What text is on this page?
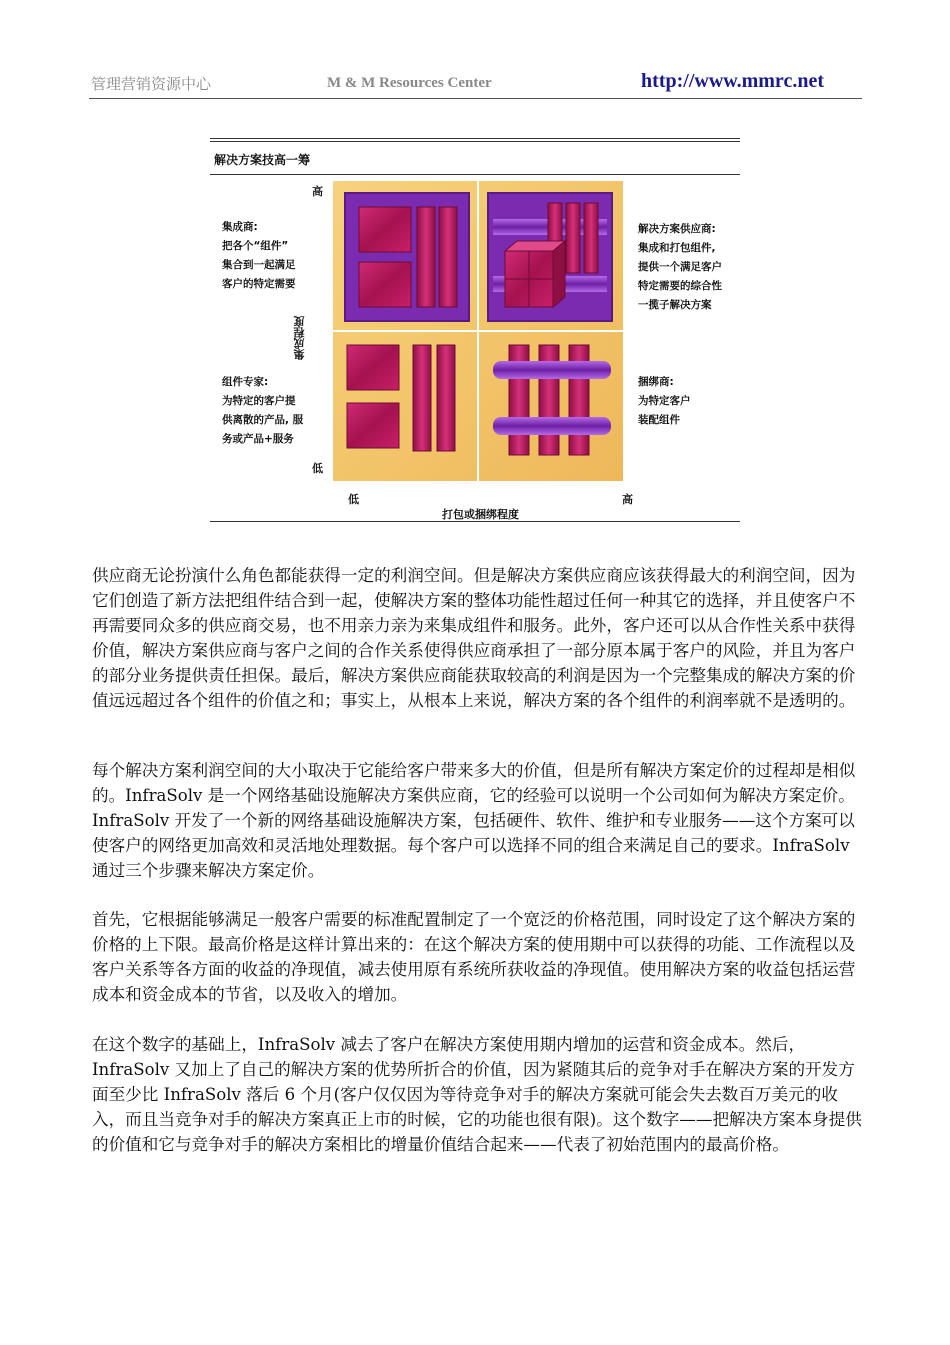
管理营销资源中心	M & M Resources Center	http://www.mmrc.net
解决方案技高一筹
高
低
低	高
集成程度
打包或捆绑程度
集成商:
把各个“组件”
集合到一起满足
客户的特定需要
组件专家:
为特定的客户提
供离散的产品, 服
务或产品+服务
解决方案供应商:
集成和打包组件,
提供一个满足客户
特定需要的综合性
一揽子解决方案
捆绑商:
为特定客户
装配组件

供应商无论扮演什么角色都能获得一定的利润空间。但是解决方案供应商应该获得最大的利润空间，因为它们创造了新方法把组件结合到一起，使解决方案的整体功能性超过任何一种其它的选择，并且使客户不再需要同众多的供应商交易，也不用亲力亲为来集成组件和服务。此外，客户还可以从合作性关系中获得价值，解决方案供应商与客户之间的合作关系使得供应商承担了一部分原本属于客户的风险，并且为客户的部分业务提供责任担保。最后，解决方案供应商能获取较高的利润是因为一个完整集成的解决方案的价值远远超过各个组件的价值之和；事实上，从根本上来说，解决方案的各个组件的利润率就不是透明的。

每个解决方案利润空间的大小取决于它能给客户带来多大的价值，但是所有解决方案定价的过程却是相似的。InfraSolv 是一个网络基础设施解决方案供应商，它的经验可以说明一个公司如何为解决方案定价。InfraSolv 开发了一个新的网络基础设施解决方案，包括硬件、软件、维护和专业服务——这个方案可以使客户的网络更加高效和灵活地处理数据。每个客户可以选择不同的组合来满足自己的要求。InfraSolv 通过三个步骤来解决方案定价。

首先，它根据能够满足一般客户需要的标准配置制定了一个宽泛的价格范围，同时设定了这个解决方案的价格的上下限。最高价格是这样计算出来的：在这个解决方案的使用期中可以获得的功能、工作流程以及客户关系等各方面的收益的净现值，减去使用原有系统所获收益的净现值。使用解决方案的收益包括运营成本和资金成本的节省，以及收入的增加。

在这个数字的基础上，InfraSolv 减去了客户在解决方案使用期内增加的运营和资金成本。然后，InfraSolv 又加上了自己的解决方案的优势所折合的价值，因为紧随其后的竞争对手在解决方案的开发方面至少比 InfraSolv 落后 6 个月(客户仅仅因为等待竞争对手的解决方案就可能会失去数百万美元的收入，而且当竞争对手的解决方案真正上市的时候，它的功能也很有限)。这个数字——把解决方案本身提供的价值和它与竞争对手的解决方案相比的增量价值结合起来——代表了初始范围内的最高价格。
